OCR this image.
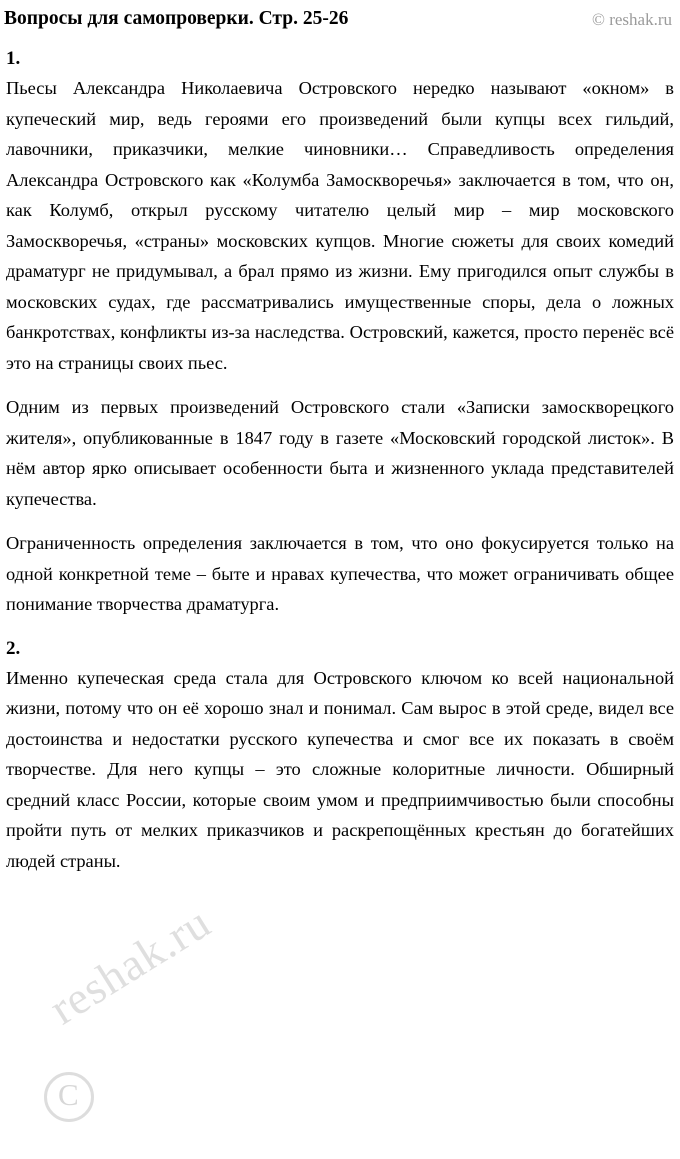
Вопросы для самопроверки. Стр. 25-26	© reshak.ru
1.

Пьесы Александра Николаевича Островского нередко называют «окном» в купеческий мир, ведь героями его произведений были купцы всех гильдий, лавочники, приказчики, мелкие чиновники… Справедливость определения Александра Островского как «Колумба Замоскворечья» заключается в том, что он, как Колумб, открыл русскому читателю целый мир – мир московского Замоскворечья, «страны» московских купцов. Многие сюжеты для своих комедий драматург не придумывал, а брал прямо из жизни. Ему пригодился опыт службы в московских судах, где рассматривались имущественные споры, дела о ложных банкротствах, конфликты из-за наследства. Островский, кажется, просто перенёс всё это на страницы своих пьес.

Одним из первых произведений Островского стали «Записки замоскворецкого жителя», опубликованные в 1847 году в газете «Московский городской листок». В нём автор ярко описывает особенности быта и жизненного уклада представителей купечества.

Ограниченность определения заключается в том, что оно фокусируется только на одной конкретной теме – быте и нравах купечества, что может ограничивать общее понимание творчества драматурга.

2.

Именно купеческая среда стала для Островского ключом ко всей национальной жизни, потому что он её хорошо знал и понимал. Сам вырос в этой среде, видел все достоинства и недостатки русского купечества и смог все их показать в своём творчестве. Для него купцы – это сложные колоритные личности. Обширный средний класс России, которые своим умом и предприимчивостью были способны пройти путь от мелких приказчиков и раскрепощённых крестьян до богатейших людей страны.

reshak.ru
C
